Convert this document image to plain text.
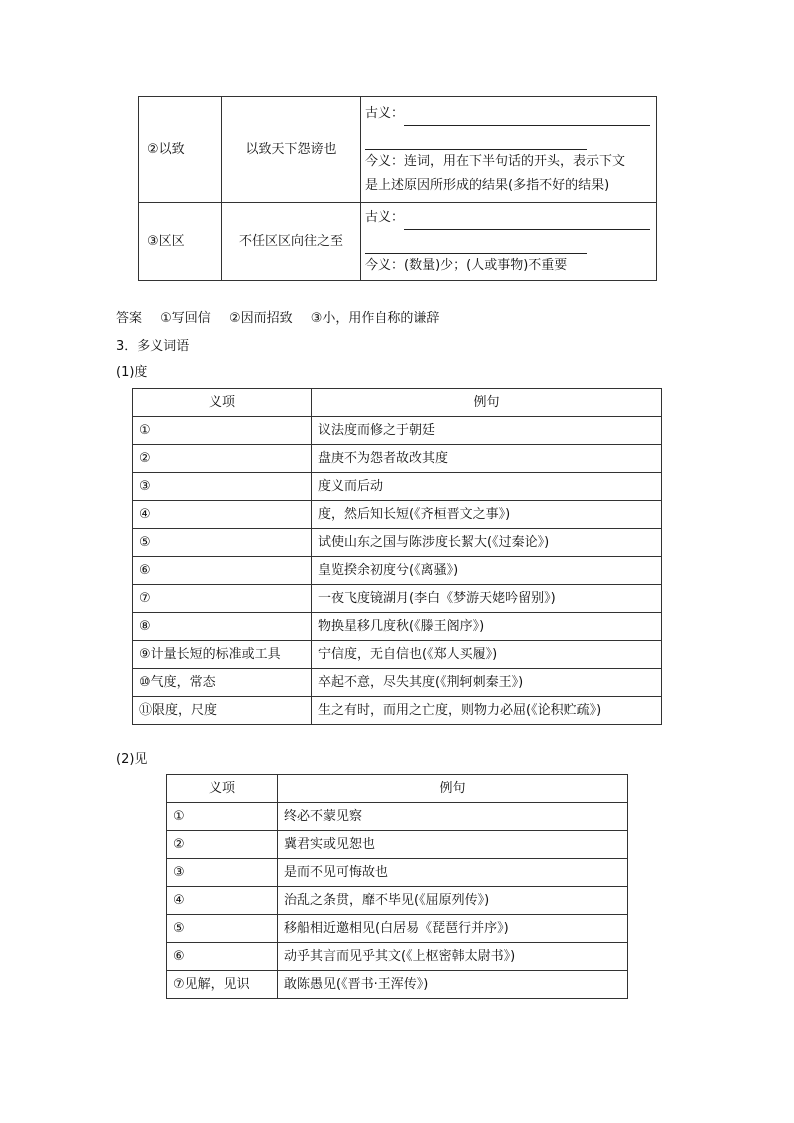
②以致	以致天下怨谤也	古义：
今义：连词，用在下半句话的开头，表示下文
是上述原因所形成的结果(多指不好的结果)

③区区	不任区区向往之至	古义：
今义：(数量)少；(人或事物)不重要
答案 ①写回信 ②因而招致 ③小，用作自称的谦辞
3．多义词语
(1)度
义项	例句
①	议法度而修之于朝廷
②	盘庚不为怨者故改其度
③	度义而后动
④	度，然后知长短(《齐桓晋文之事》)
⑤	试使山东之国与陈涉度长絜大(《过秦论》)
⑥	皇览揆余初度兮(《离骚》)
⑦	一夜飞度镜湖月(李白《梦游天姥吟留别》)
⑧	物换星移几度秋(《滕王阁序》)
⑨计量长短的标准或工具	宁信度，无自信也(《郑人买履》)
⑩气度，常态	卒起不意，尽失其度(《荆轲刺秦王》)
⑪限度，尺度	生之有时，而用之亡度，则物力必屈(《论积贮疏》)
(2)见
义项	例句
①	终必不蒙见察
②	冀君实或见恕也
③	是而不见可悔故也
④	治乱之条贯，靡不毕见(《屈原列传》)
⑤	移船相近邀相见(白居易《琵琶行并序》)
⑥	动乎其言而见乎其文(《上枢密韩太尉书》)
⑦见解，见识	敢陈愚见(《晋书·王浑传》)
